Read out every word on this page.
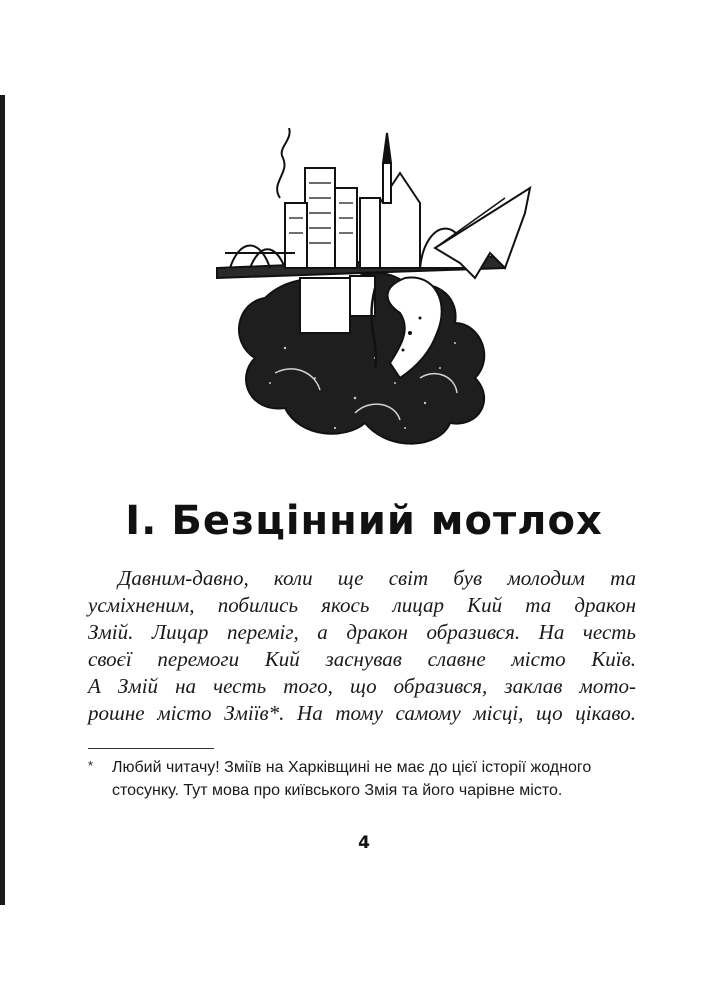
І. Безцінний мотлох
Давним-давно, коли ще світ був молодим та
усміхненим, побились якось лицар Кий та дракон
Змій. Лицар переміг, а дракон образився. На честь
своєї перемоги Кий заснував славне місто Київ.
А Змій на честь того, що образився, заклав мото-
рошне місто Змiїв*. На тому самому місці, що цікаво.
*	Любий читачу! Зміїв на Харківщині не має до цієї історії жодного
стосунку. Тут мова про київського Змія та його чарівне місто.
4
